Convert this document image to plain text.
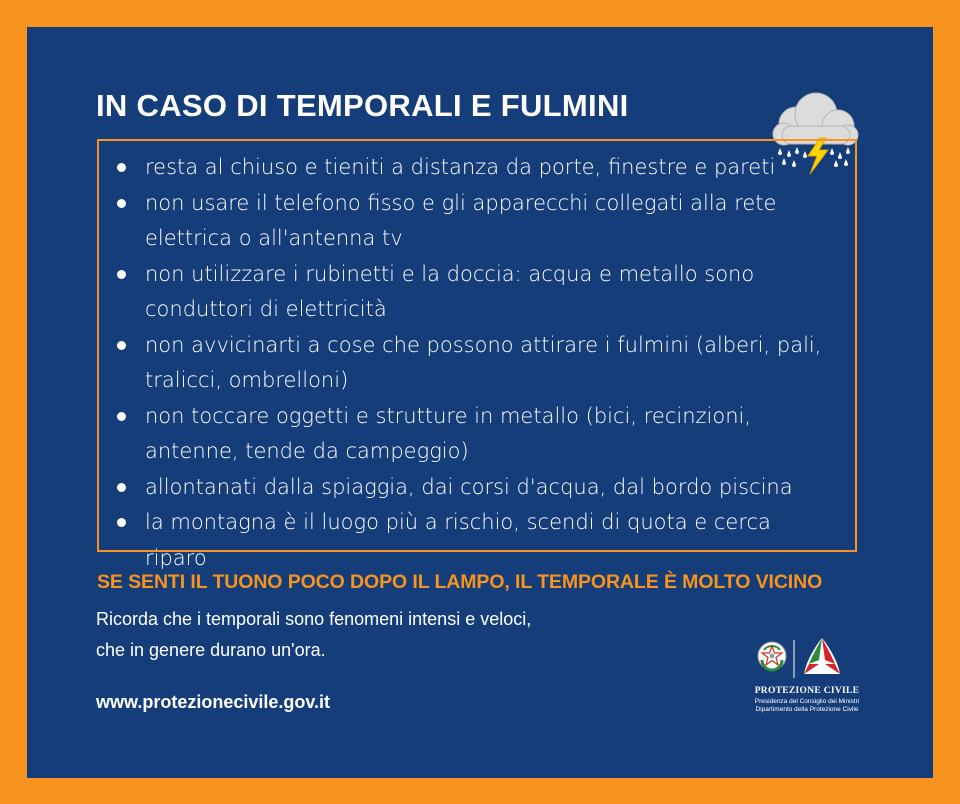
IN CASO DI TEMPORALI E FULMINI
resta al chiuso e tieniti a distanza da porte, finestre e pareti
non usare il telefono fisso e gli apparecchi collegati alla rete elettrica o all'antenna tv
non utilizzare i rubinetti e la doccia: acqua e metallo sono conduttori di elettricità
non avvicinarti a cose che possono attirare i fulmini (alberi, pali, tralicci, ombrelloni)
non toccare oggetti e strutture in metallo (bici, recinzioni, antenne, tende da campeggio)
allontanati dalla spiaggia, dai corsi d'acqua, dal bordo piscina
la montagna è il luogo più a rischio, scendi di quota e cerca riparo
SE SENTI IL TUONO POCO DOPO IL LAMPO, IL TEMPORALE È MOLTO VICINO
Ricorda che i temporali sono fenomeni intensi e veloci,
che in genere durano un'ora.
www.protezionecivile.gov.it
PROTEZIONE CIVILE
Presidenza del Consiglio dei Ministri
Dipartimento della Protezione Civile
